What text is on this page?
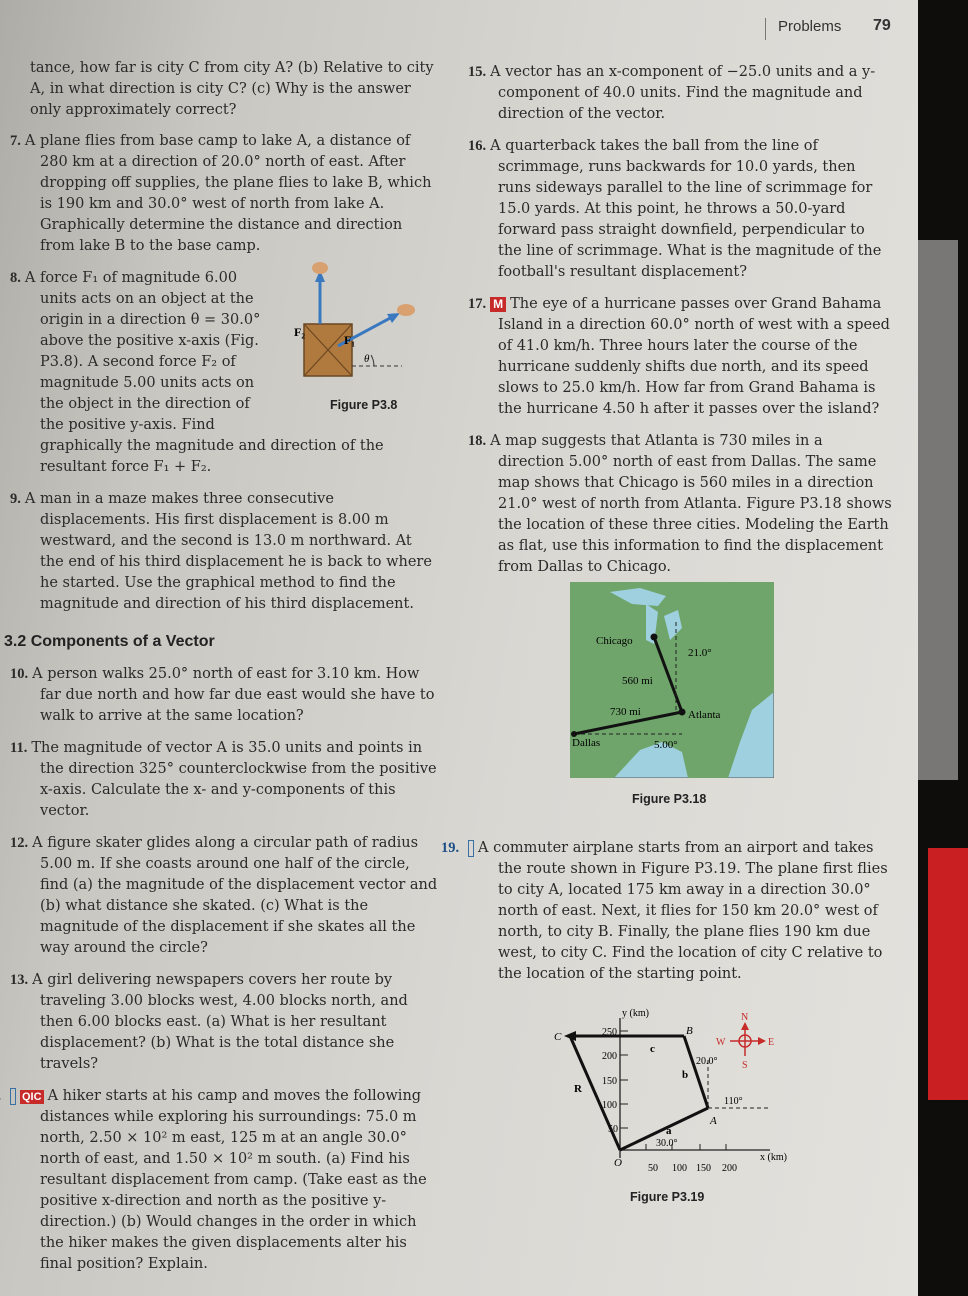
Problems 79

tance, how far is city C from city A? (b) Relative to city A, in what direction is city C? (c) Why is the answer only approximately correct?

7. A plane flies from base camp to lake A, a distance of 280 km at a direction of 20.0° north of east. After dropping off supplies, the plane flies to lake B, which is 190 km and 30.0° west of north from lake A. Graphically determine the distance and direction from lake B to the base camp.
8. A force F₁ of magnitude 6.00 units acts on an object at the origin in a direction θ = 30.0° above the positive x-axis (Fig. P3.8). A second force F₂ of magnitude 5.00 units acts on the object in the direction of the positive y-axis. Find graphically the magnitude and direction of the resultant force F₁ + F₂.
9. A man in a maze makes three consecutive displacements. His first displacement is 8.00 m westward, and the second is 13.0 m northward. At the end of his third displacement he is back to where he started. Use the graphical method to find the magnitude and direction of his third displacement.
3.2 Components of a Vector
10. A person walks 25.0° north of east for 3.10 km. How far due north and how far due east would she have to walk to arrive at the same location?
11. The magnitude of vector A is 35.0 units and points in the direction 325° counterclockwise from the positive x-axis. Calculate the x- and y-components of this vector.
12. A figure skater glides along a circular path of radius 5.00 m. If she coasts around one half of the circle, find (a) the magnitude of the displacement vector and (b) what distance she skated. (c) What is the magnitude of the displacement if she skates all the way around the circle?
13. A girl delivering newspapers covers her route by traveling 3.00 blocks west, 4.00 blocks north, and then 6.00 blocks east. (a) What is her resultant displacement? (b) What is the total distance she travels?
QIC A hiker starts at his camp and moves the following distances while exploring his surroundings: 75.0 m north, 2.50 × 10² m east, 125 m at an angle 30.0° north of east, and 1.50 × 10² m south. (a) Find his resultant displacement from camp. (Take east as the positive x-direction and north as the positive y-direction.) (b) Would changes in the order in which the hiker makes the given displacements alter his final position? Explain.
F₂
F₁
θ
Figure P3.8
15. A vector has an x-component of −25.0 units and a y-component of 40.0 units. Find the magnitude and direction of the vector.
16. A quarterback takes the ball from the line of scrimmage, runs backwards for 10.0 yards, then runs sideways parallel to the line of scrimmage for 15.0 yards. At this point, he throws a 50.0-yard forward pass straight downfield, perpendicular to the line of scrimmage. What is the magnitude of the football's resultant displacement?
17. M The eye of a hurricane passes over Grand Bahama Island in a direction 60.0° north of west with a speed of 41.0 km/h. Three hours later the course of the hurricane suddenly shifts due north, and its speed slows to 25.0 km/h. How far from Grand Bahama is the hurricane 4.50 h after it passes over the island?
18. A map suggests that Atlanta is 730 miles in a direction 5.00° north of east from Dallas. The same map shows that Chicago is 560 miles in a direction 21.0° west of north from Atlanta. Figure P3.18 shows the location of these three cities. Modeling the Earth as flat, use this information to find the displacement from Dallas to Chicago.
Chicago
Atlanta
Dallas
560 mi
730 mi
21.0°
5.00°
Figure P3.18
19. A commuter airplane starts from an airport and takes the route shown in Figure P3.19. The plane first flies to city A, located 175 km away in a direction 30.0° north of east. Next, it flies for 150 km 20.0° west of north, to city B. Finally, the plane flies 190 km due west, to city C. Find the location of city C relative to the location of the starting point.
y (km)
x (km)
250
200
150
100
50
50 100 150 200
O
A
B
C
a
b
c
R
30.0°
20.0°
110°
N
S
E
W
Figure P3.19
